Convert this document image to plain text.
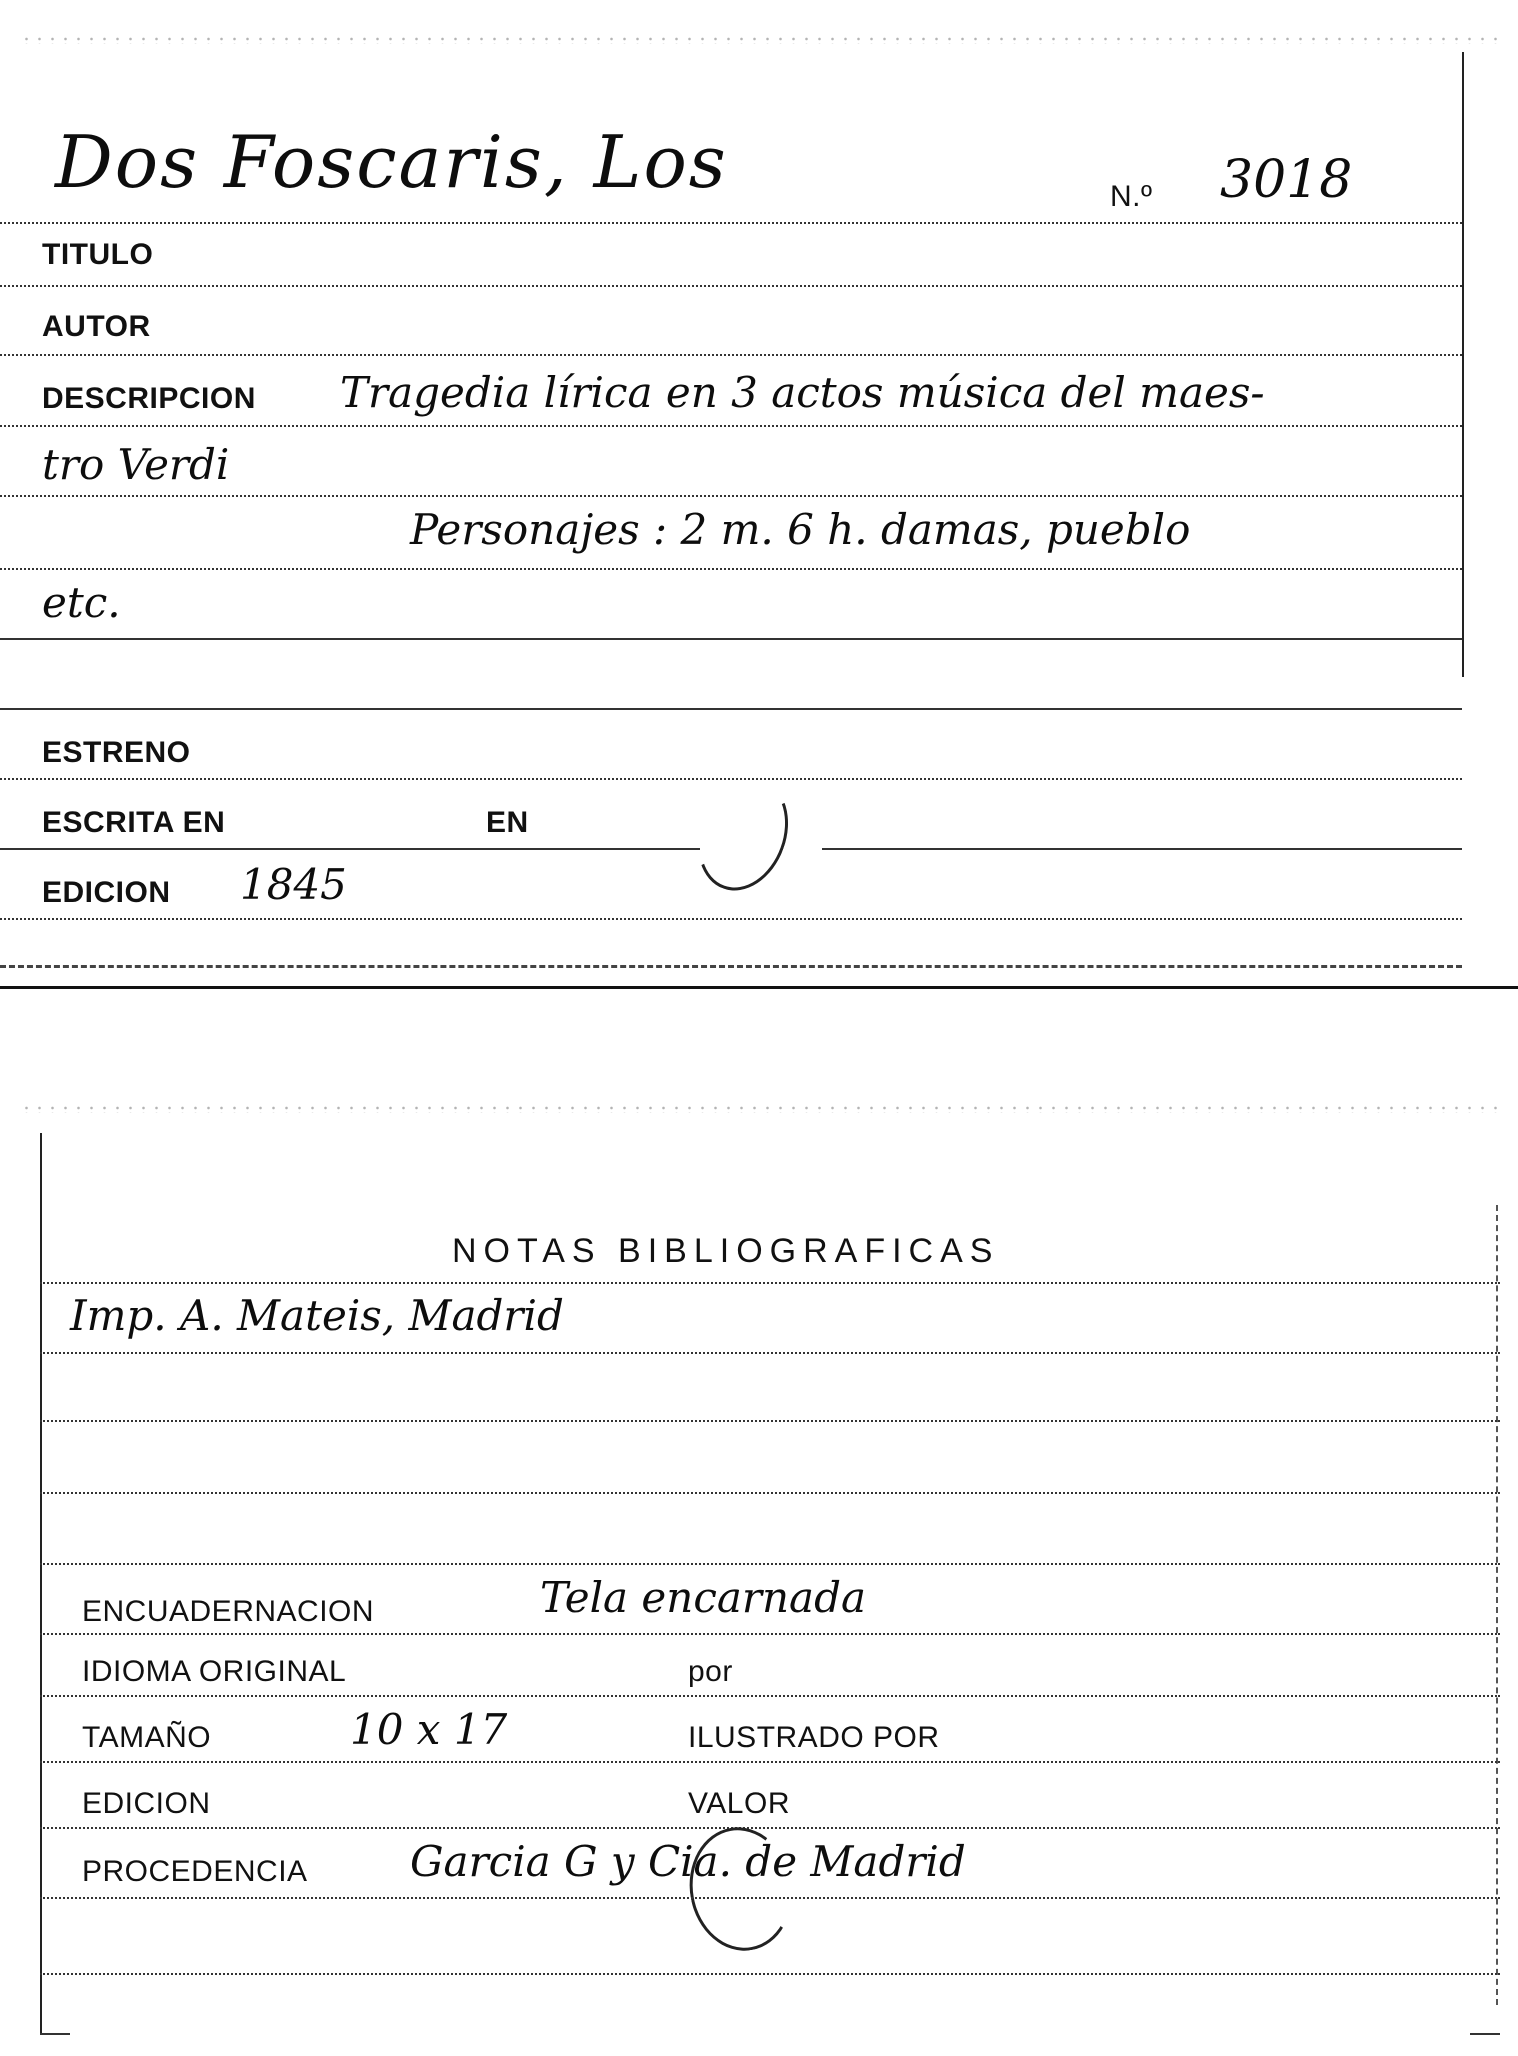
Dos Foscaris, Los	N.º 3018
TITULO
AUTOR
DESCRIPCION Tragedia lírica en 3 actos música del maes-
tro Verdi
Personajes : 2 m. 6 h. damas, pueblo
etc.
ESTRENO
ESCRITA EN	EN
EDICION 1845
NOTAS BIBLIOGRAFICAS
Imp. A. Mateis, Madrid
ENCUADERNACION	Tela encarnada
IDIOMA ORIGINAL	por
TAMAÑO	10 x 17	ILUSTRADO POR
EDICION	VALOR
PROCEDENCIA Garcia G y Cia. de Madrid
